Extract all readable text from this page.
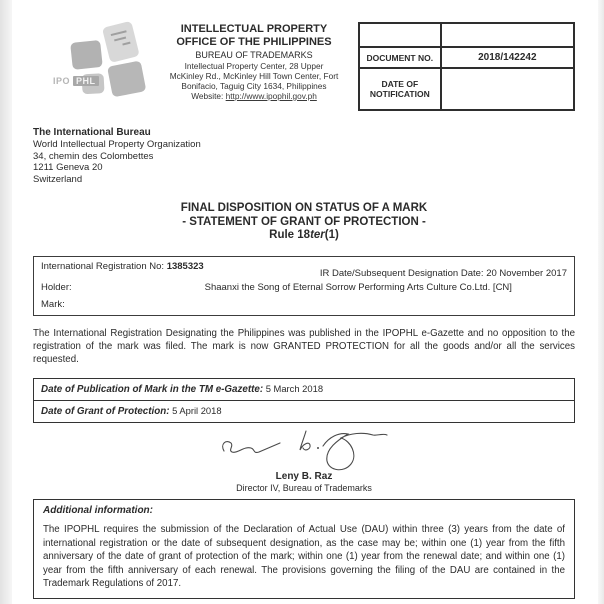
IPO PHL
INTELLECTUAL PROPERTY
OFFICE OF THE PHILIPPINES
BUREAU OF TRADEMARKS
Intellectual Property Center, 28 Upper
McKinley Rd., McKinley Hill Town Center, Fort
Bonifacio, Taguig City 1634, Philippines
Website: http://www.ipophil.gov.ph

DOCUMENT NO.	2018/142242
DATE OF NOTIFICATION	
The International Bureau
World Intellectual Property Organization
34, chemin des Colombettes
1211 Geneva 20
Switzerland
FINAL DISPOSITION ON STATUS OF A MARK
- STATEMENT OF GRANT OF PROTECTION -
Rule 18ter(1)
International Registration No: 1385323
IR Date/Subsequent Designation Date: 20 November 2017
Holder:	Shaanxi the Song of Eternal Sorrow Performing Arts Culture Co.Ltd. [CN]
Mark:
The International Registration Designating the Philippines was published in the IPOPHL e-Gazette and no opposition to the registration of the mark was filed. The mark is now GRANTED PROTECTION for all the goods and/or all the services requested.
Date of Publication of Mark in the TM e-Gazette: 5 March 2018
Date of Grant of Protection: 5 April 2018
Leny B. Raz
Director IV, Bureau of Trademarks
Additional information:
The IPOPHL requires the submission of the Declaration of Actual Use (DAU) within three (3) years from the date of international registration or the date of subsequent designation, as the case may be; within one (1) year from the fifth anniversary of the date of grant of protection of the mark; within one (1) year from the renewal date; and within one (1) year from the fifth anniversary of each renewal. The provisions governing the filing of the DAU are contained in the Trademark Regulations of 2017.
